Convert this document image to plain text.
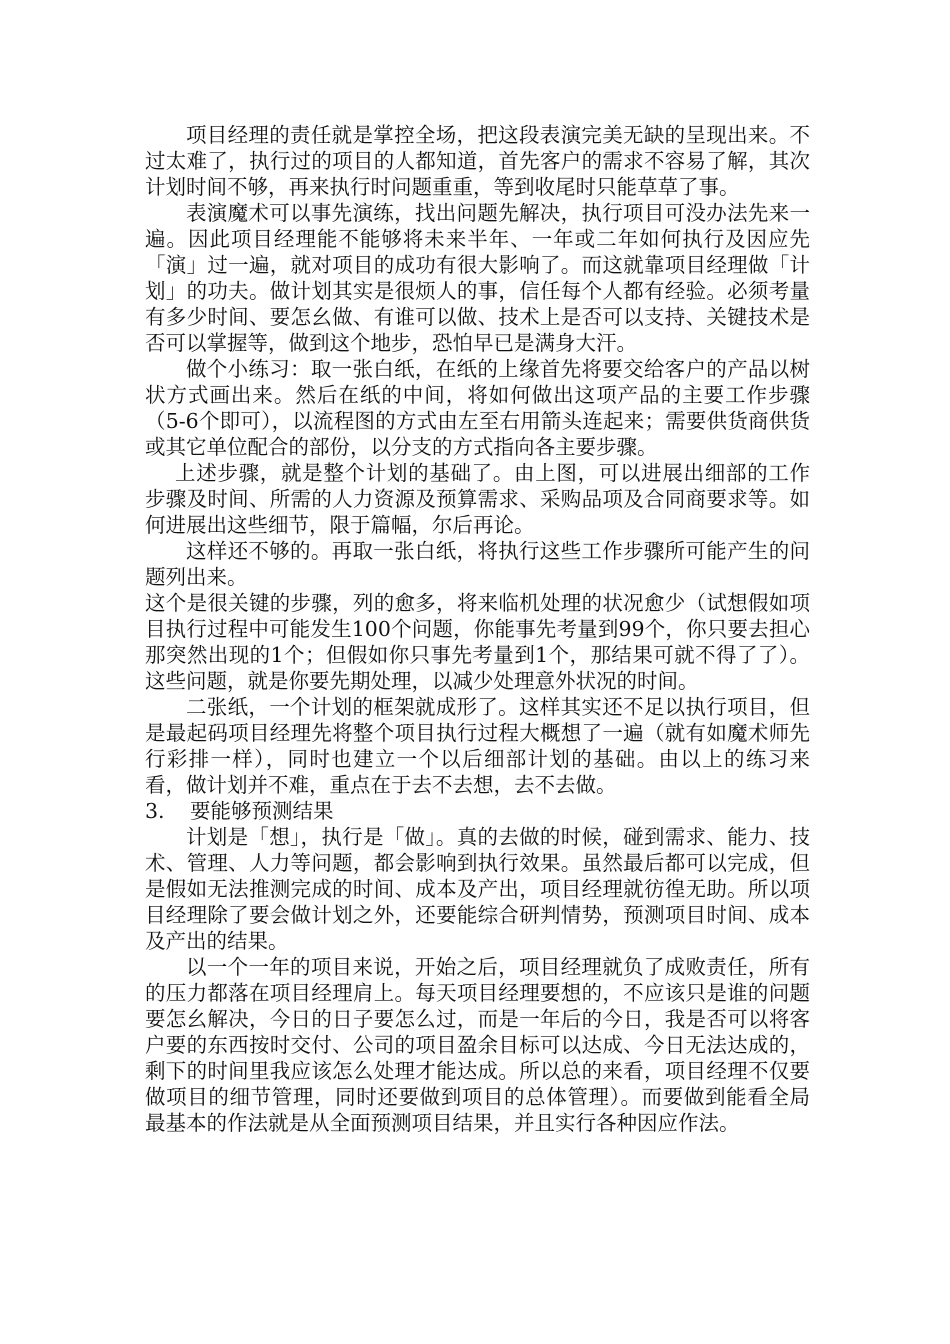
项目经理的责任就是掌控全场，把这段表演完美无缺的呈现出来。不过太难了，执行过的项目的人都知道，首先客户的需求不容易了解，其次计划时间不够，再来执行时问题重重，等到收尾时只能草草了事。

表演魔术可以事先演练，找出问题先解决，执行项目可没办法先来一遍。因此项目经理能不能够将未来半年、一年或二年如何执行及因应先「演」过一遍，就对项目的成功有很大影响了。而这就靠项目经理做「计划」的功夫。做计划其实是很烦人的事，信任每个人都有经验。必须考量有多少时间、要怎幺做、有谁可以做、技术上是否可以支持、关键技术是否可以掌握等，做到这个地步，恐怕早已是满身大汗。

做个小练习：取一张白纸，在纸的上缘首先将要交给客户的产品以树状方式画出来。然后在纸的中间，将如何做出这项产品的主要工作步骤（5-6个即可），以流程图的方式由左至右用箭头连起来；需要供货商供货或其它单位配合的部份，以分支的方式指向各主要步骤。

上述步骤，就是整个计划的基础了。由上图，可以进展出细部的工作步骤及时间、所需的人力资源及预算需求、采购品项及合同商要求等。如何进展出这些细节，限于篇幅，尔后再论。

这样还不够的。再取一张白纸，将执行这些工作步骤所可能产生的问题列出来。

这个是很关键的步骤，列的愈多，将来临机处理的状况愈少（试想假如项目执行过程中可能发生100个问题，你能事先考量到99个，你只要去担心那突然出现的1个；但假如你只事先考量到1个，那结果可就不得了了）。这些问题，就是你要先期处理，以减少处理意外状况的时间。

二张纸，一个计划的框架就成形了。这样其实还不足以执行项目，但是最起码项目经理先将整个项目执行过程大概想了一遍（就有如魔术师先行彩排一样），同时也建立一个以后细部计划的基础。由以上的练习来看，做计划并不难，重点在于去不去想，去不去做。

3.	要能够预测结果

计划是「想」，执行是「做」。真的去做的时候，碰到需求、能力、技术、管理、人力等问题，都会影响到执行效果。虽然最后都可以完成，但是假如无法推测完成的时间、成本及产出，项目经理就彷徨无助。所以项目经理除了要会做计划之外，还要能综合研判情势，预测项目时间、成本及产出的结果。

以一个一年的项目来说，开始之后，项目经理就负了成败责任，所有的压力都落在项目经理肩上。每天项目经理要想的，不应该只是谁的问题要怎幺解决，今日的日子要怎么过，而是一年后的今日，我是否可以将客户要的东西按时交付、公司的项目盈余目标可以达成、今日无法达成的，剩下的时间里我应该怎么处理才能达成。所以总的来看，项目经理不仅要做项目的细节管理，同时还要做到项目的总体管理）。而要做到能看全局最基本的作法就是从全面预测项目结果，并且实行各种因应作法。
